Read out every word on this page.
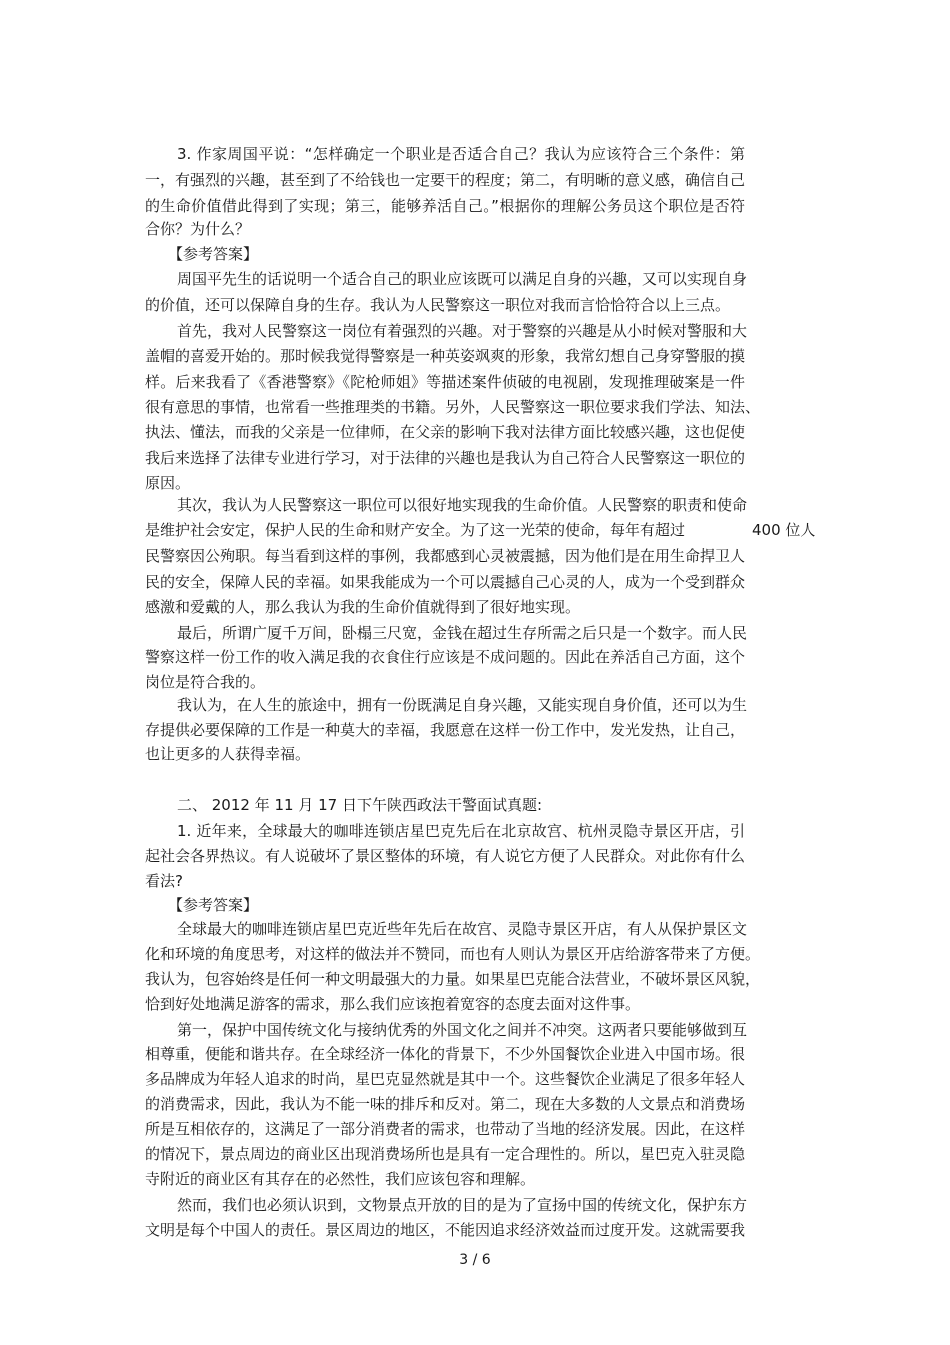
3. 作家周国平说：“怎样确定一个职业是否适合自己？我认为应该符合三个条件：第
一，有强烈的兴趣，甚至到了不给钱也一定要干的程度；第二，有明晰的意义感，确信自己
的生命价值借此得到了实现；第三，能够养活自己。”根据你的理解公务员这个职位是否符
合你？为什么？
【参考答案】
周国平先生的话说明一个适合自己的职业应该既可以满足自身的兴趣，又可以实现自身
的价值，还可以保障自身的生存。我认为人民警察这一职位对我而言恰恰符合以上三点。
首先，我对人民警察这一岗位有着强烈的兴趣。对于警察的兴趣是从小时候对警服和大
盖帽的喜爱开始的。那时候我觉得警察是一种英姿飒爽的形象，我常幻想自己身穿警服的摸
样。后来我看了《香港警察》《陀枪师姐》等描述案件侦破的电视剧，发现推理破案是一件
很有意思的事情，也常看一些推理类的书籍。另外，人民警察这一职位要求我们学法、知法、
执法、懂法，而我的父亲是一位律师，在父亲的影响下我对法律方面比较感兴趣，这也促使
我后来选择了法律专业进行学习，对于法律的兴趣也是我认为自己符合人民警察这一职位的
原因。
其次，我认为人民警察这一职位可以很好地实现我的生命价值。人民警察的职责和使命
是维护社会安定，保护人民的生命和财产安全。为了这一光荣的使命，每年有超过	400 位人
民警察因公殉职。每当看到这样的事例，我都感到心灵被震撼，因为他们是在用生命捍卫人
民的安全，保障人民的幸福。如果我能成为一个可以震撼自己心灵的人，成为一个受到群众
感激和爱戴的人，那么我认为我的生命价值就得到了很好地实现。
最后，所谓广厦千万间，卧榻三尺宽，金钱在超过生存所需之后只是一个数字。而人民
警察这样一份工作的收入满足我的衣食住行应该是不成问题的。因此在养活自己方面，这个
岗位是符合我的。
我认为，在人生的旅途中，拥有一份既满足自身兴趣，又能实现自身价值，还可以为生
存提供必要保障的工作是一种莫大的幸福，我愿意在这样一份工作中，发光发热，让自己，
也让更多的人获得幸福。
二、 2012 年 11 月 17 日下午陕西政法干警面试真题:
1. 近年来，全球最大的咖啡连锁店星巴克先后在北京故宫、杭州灵隐寺景区开店，引
起社会各界热议。有人说破坏了景区整体的环境，有人说它方便了人民群众。对此你有什么
看法?
【参考答案】
全球最大的咖啡连锁店星巴克近些年先后在故宫、灵隐寺景区开店，有人从保护景区文
化和环境的角度思考，对这样的做法并不赞同，而也有人则认为景区开店给游客带来了方便。
我认为，包容始终是任何一种文明最强大的力量。如果星巴克能合法营业，不破坏景区风貌，
恰到好处地满足游客的需求，那么我们应该抱着宽容的态度去面对这件事。
第一，保护中国传统文化与接纳优秀的外国文化之间并不冲突。这两者只要能够做到互
相尊重，便能和谐共存。在全球经济一体化的背景下，不少外国餐饮企业进入中国市场。很
多品牌成为年轻人追求的时尚，星巴克显然就是其中一个。这些餐饮企业满足了很多年轻人
的消费需求，因此，我认为不能一味的排斥和反对。第二，现在大多数的人文景点和消费场
所是互相依存的，这满足了一部分消费者的需求，也带动了当地的经济发展。因此，在这样
的情况下，景点周边的商业区出现消费场所也是具有一定合理性的。所以，星巴克入驻灵隐
寺附近的商业区有其存在的必然性，我们应该包容和理解。
然而，我们也必须认识到，文物景点开放的目的是为了宣扬中国的传统文化，保护东方
文明是每个中国人的责任。景区周边的地区，不能因追求经济效益而过度开发。这就需要我
3 / 6
